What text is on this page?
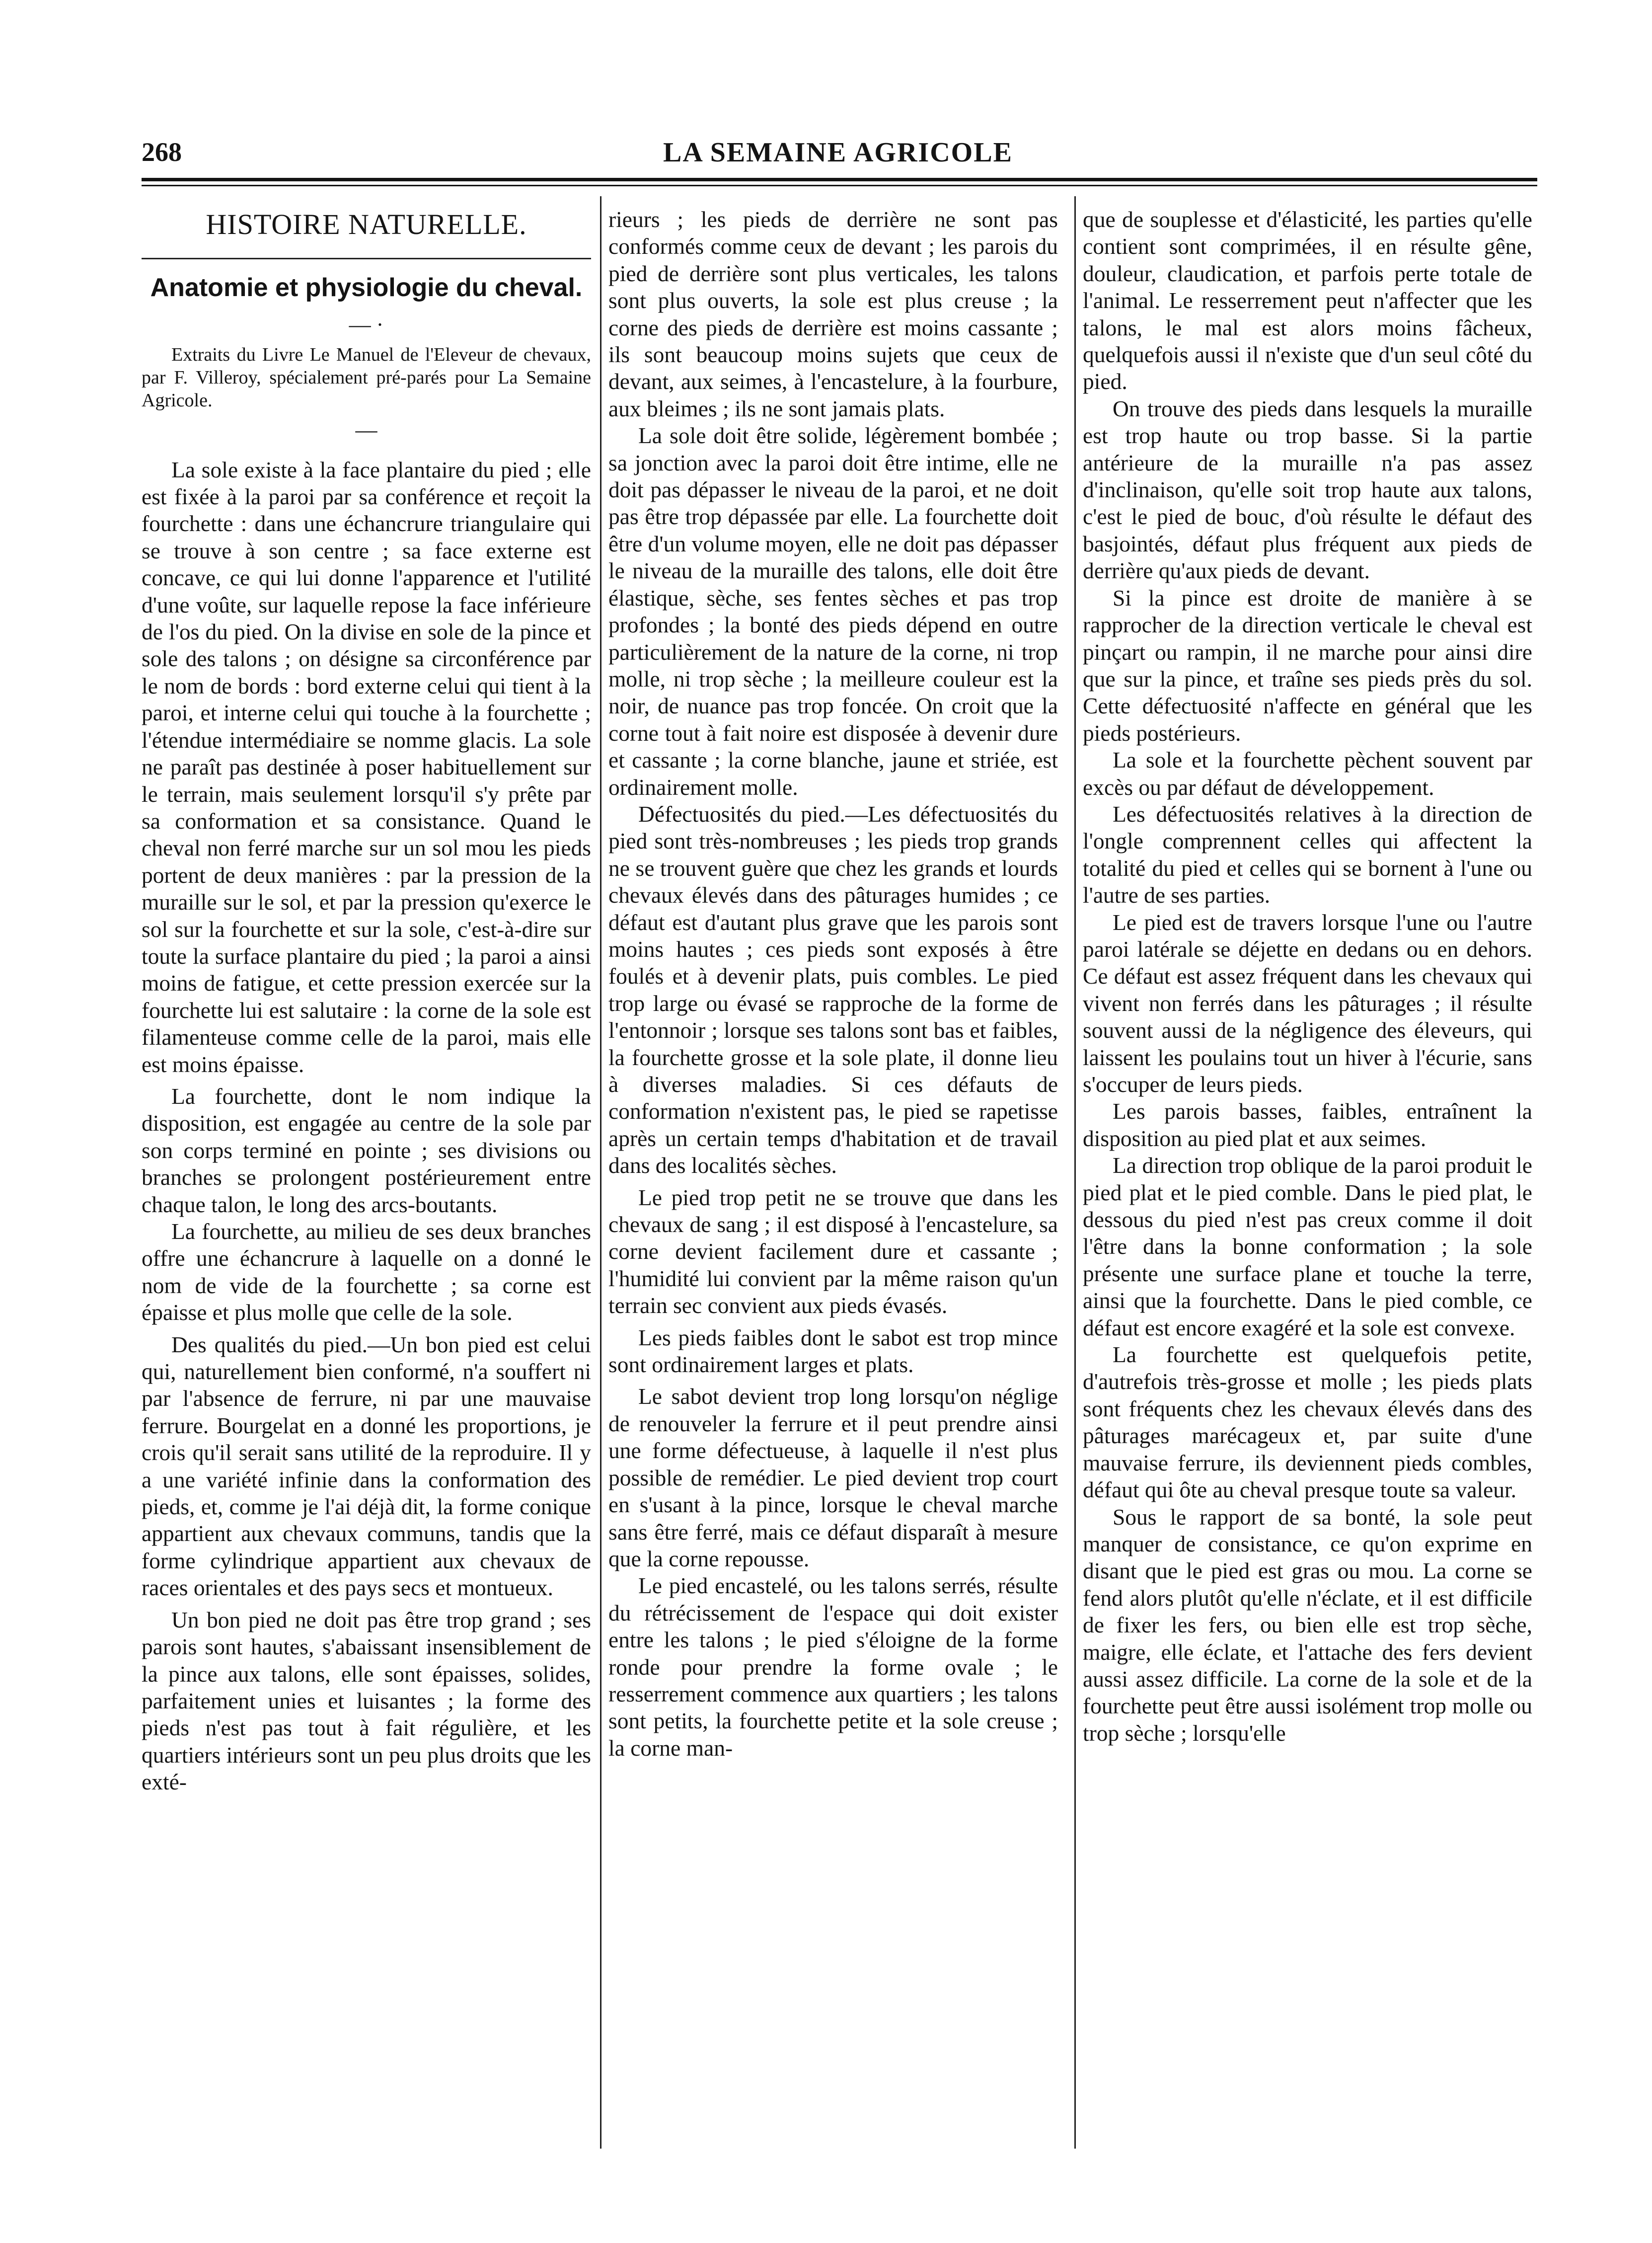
268	LA SEMAINE AGRICOLE
HISTOIRE NATURELLE.
Anatomie et physiologie du cheval.
— ·

Extraits du Livre Le Manuel de l'Eleveur de chevaux, par F. Villeroy, spécialement pré-parés pour La Semaine Agricole.

—

La sole existe à la face plantaire du pied ; elle est fixée à la paroi par sa conférence et reçoit la fourchette : dans une échancrure triangulaire qui se trouve à son centre ; sa face externe est concave, ce qui lui donne l'apparence et l'utilité d'une voûte, sur laquelle repose la face inférieure de l'os du pied. On la divise en sole de la pince et sole des talons ; on désigne sa circonférence par le nom de bords : bord externe celui qui tient à la paroi, et interne celui qui touche à la fourchette ; l'étendue intermédiaire se nomme glacis. La sole ne paraît pas destinée à poser habituellement sur le terrain, mais seulement lorsqu'il s'y prête par sa conformation et sa consistance. Quand le cheval non ferré marche sur un sol mou les pieds portent de deux manières : par la pression de la muraille sur le sol, et par la pression qu'exerce le sol sur la fourchette et sur la sole, c'est-à-dire sur toute la surface plantaire du pied ; la paroi a ainsi moins de fatigue, et cette pression exercée sur la fourchette lui est salutaire : la corne de la sole est filamenteuse comme celle de la paroi, mais elle est moins épaisse.

La fourchette, dont le nom indique la disposition, est engagée au centre de la sole par son corps terminé en pointe ; ses divisions ou branches se prolongent postérieurement entre chaque talon, le long des arcs-boutants.

La fourchette, au milieu de ses deux branches offre une échancrure à laquelle on a donné le nom de vide de la fourchette ; sa corne est épaisse et plus molle que celle de la sole.

Des qualités du pied.—Un bon pied est celui qui, naturellement bien conformé, n'a souffert ni par l'absence de ferrure, ni par une mauvaise ferrure. Bourgelat en a donné les proportions, je crois qu'il serait sans utilité de la reproduire. Il y a une variété infinie dans la conformation des pieds, et, comme je l'ai déjà dit, la forme conique appartient aux chevaux communs, tandis que la forme cylindrique appartient aux chevaux de races orientales et des pays secs et montueux.

Un bon pied ne doit pas être trop grand ; ses parois sont hautes, s'abaissant insensiblement de la pince aux talons, elle sont épaisses, solides, parfaitement unies et luisantes ; la forme des pieds n'est pas tout à fait régulière, et les quartiers intérieurs sont un peu plus droits que les exté-

rieurs ; les pieds de derrière ne sont pas conformés comme ceux de devant ; les parois du pied de derrière sont plus verticales, les talons sont plus ouverts, la sole est plus creuse ; la corne des pieds de derrière est moins cassante ; ils sont beaucoup moins sujets que ceux de devant, aux seimes, à l'encastelure, à la fourbure, aux bleimes ; ils ne sont jamais plats.

La sole doit être solide, légèrement bombée ; sa jonction avec la paroi doit être intime, elle ne doit pas dépasser le niveau de la paroi, et ne doit pas être trop dépassée par elle. La fourchette doit être d'un volume moyen, elle ne doit pas dépasser le niveau de la muraille des talons, elle doit être élastique, sèche, ses fentes sèches et pas trop profondes ; la bonté des pieds dépend en outre particulièrement de la nature de la corne, ni trop molle, ni trop sèche ; la meilleure couleur est la noir, de nuance pas trop foncée. On croit que la corne tout à fait noire est disposée à devenir dure et cassante ; la corne blanche, jaune et striée, est ordinairement molle.

Défectuosités du pied.—Les défectuosités du pied sont très-nombreuses ; les pieds trop grands ne se trouvent guère que chez les grands et lourds chevaux élevés dans des pâturages humides ; ce défaut est d'autant plus grave que les parois sont moins hautes ; ces pieds sont exposés à être foulés et à devenir plats, puis combles. Le pied trop large ou évasé se rapproche de la forme de l'entonnoir ; lorsque ses talons sont bas et faibles, la fourchette grosse et la sole plate, il donne lieu à diverses maladies. Si ces défauts de conformation n'existent pas, le pied se rapetisse après un certain temps d'habitation et de travail dans des localités sèches.

Le pied trop petit ne se trouve que dans les chevaux de sang ; il est disposé à l'encastelure, sa corne devient facilement dure et cassante ; l'humidité lui convient par la même raison qu'un terrain sec convient aux pieds évasés.

Les pieds faibles dont le sabot est trop mince sont ordinairement larges et plats.

Le sabot devient trop long lorsqu'on néglige de renouveler la ferrure et il peut prendre ainsi une forme défectueuse, à laquelle il n'est plus possible de remédier. Le pied devient trop court en s'usant à la pince, lorsque le cheval marche sans être ferré, mais ce défaut disparaît à mesure que la corne repousse.

Le pied encastelé, ou les talons serrés, résulte du rétrécissement de l'espace qui doit exister entre les talons ; le pied s'éloigne de la forme ronde pour prendre la forme ovale ; le resserrement commence aux quartiers ; les talons sont petits, la fourchette petite et la sole creuse ; la corne man-

que de souplesse et d'élasticité, les parties qu'elle contient sont comprimées, il en résulte gêne, douleur, claudication, et parfois perte totale de l'animal. Le resserrement peut n'affecter que les talons, le mal est alors moins fâcheux, quelquefois aussi il n'existe que d'un seul côté du pied.

On trouve des pieds dans lesquels la muraille est trop haute ou trop basse. Si la partie antérieure de la muraille n'a pas assez d'inclinaison, qu'elle soit trop haute aux talons, c'est le pied de bouc, d'où résulte le défaut des basjointés, défaut plus fréquent aux pieds de derrière qu'aux pieds de devant.

Si la pince est droite de manière à se rapprocher de la direction verticale le cheval est pinçart ou rampin, il ne marche pour ainsi dire que sur la pince, et traîne ses pieds près du sol. Cette défectuosité n'affecte en général que les pieds postérieurs.

La sole et la fourchette pèchent souvent par excès ou par défaut de développement.

Les défectuosités relatives à la direction de l'ongle comprennent celles qui affectent la totalité du pied et celles qui se bornent à l'une ou l'autre de ses parties.

Le pied est de travers lorsque l'une ou l'autre paroi latérale se déjette en dedans ou en dehors. Ce défaut est assez fréquent dans les chevaux qui vivent non ferrés dans les pâturages ; il résulte souvent aussi de la négligence des éleveurs, qui laissent les poulains tout un hiver à l'écurie, sans s'occuper de leurs pieds.

Les parois basses, faibles, entraînent la disposition au pied plat et aux seimes.

La direction trop oblique de la paroi produit le pied plat et le pied comble. Dans le pied plat, le dessous du pied n'est pas creux comme il doit l'être dans la bonne conformation ; la sole présente une surface plane et touche la terre, ainsi que la fourchette. Dans le pied comble, ce défaut est encore exagéré et la sole est convexe.

La fourchette est quelquefois petite, d'autrefois très-grosse et molle ; les pieds plats sont fréquents chez les chevaux élevés dans des pâturages marécageux et, par suite d'une mauvaise ferrure, ils deviennent pieds combles, défaut qui ôte au cheval presque toute sa valeur.

Sous le rapport de sa bonté, la sole peut manquer de consistance, ce qu'on exprime en disant que le pied est gras ou mou. La corne se fend alors plutôt qu'elle n'éclate, et il est difficile de fixer les fers, ou bien elle est trop sèche, maigre, elle éclate, et l'attache des fers devient aussi assez difficile. La corne de la sole et de la fourchette peut être aussi isolément trop molle ou trop sèche ; lorsqu'elle
